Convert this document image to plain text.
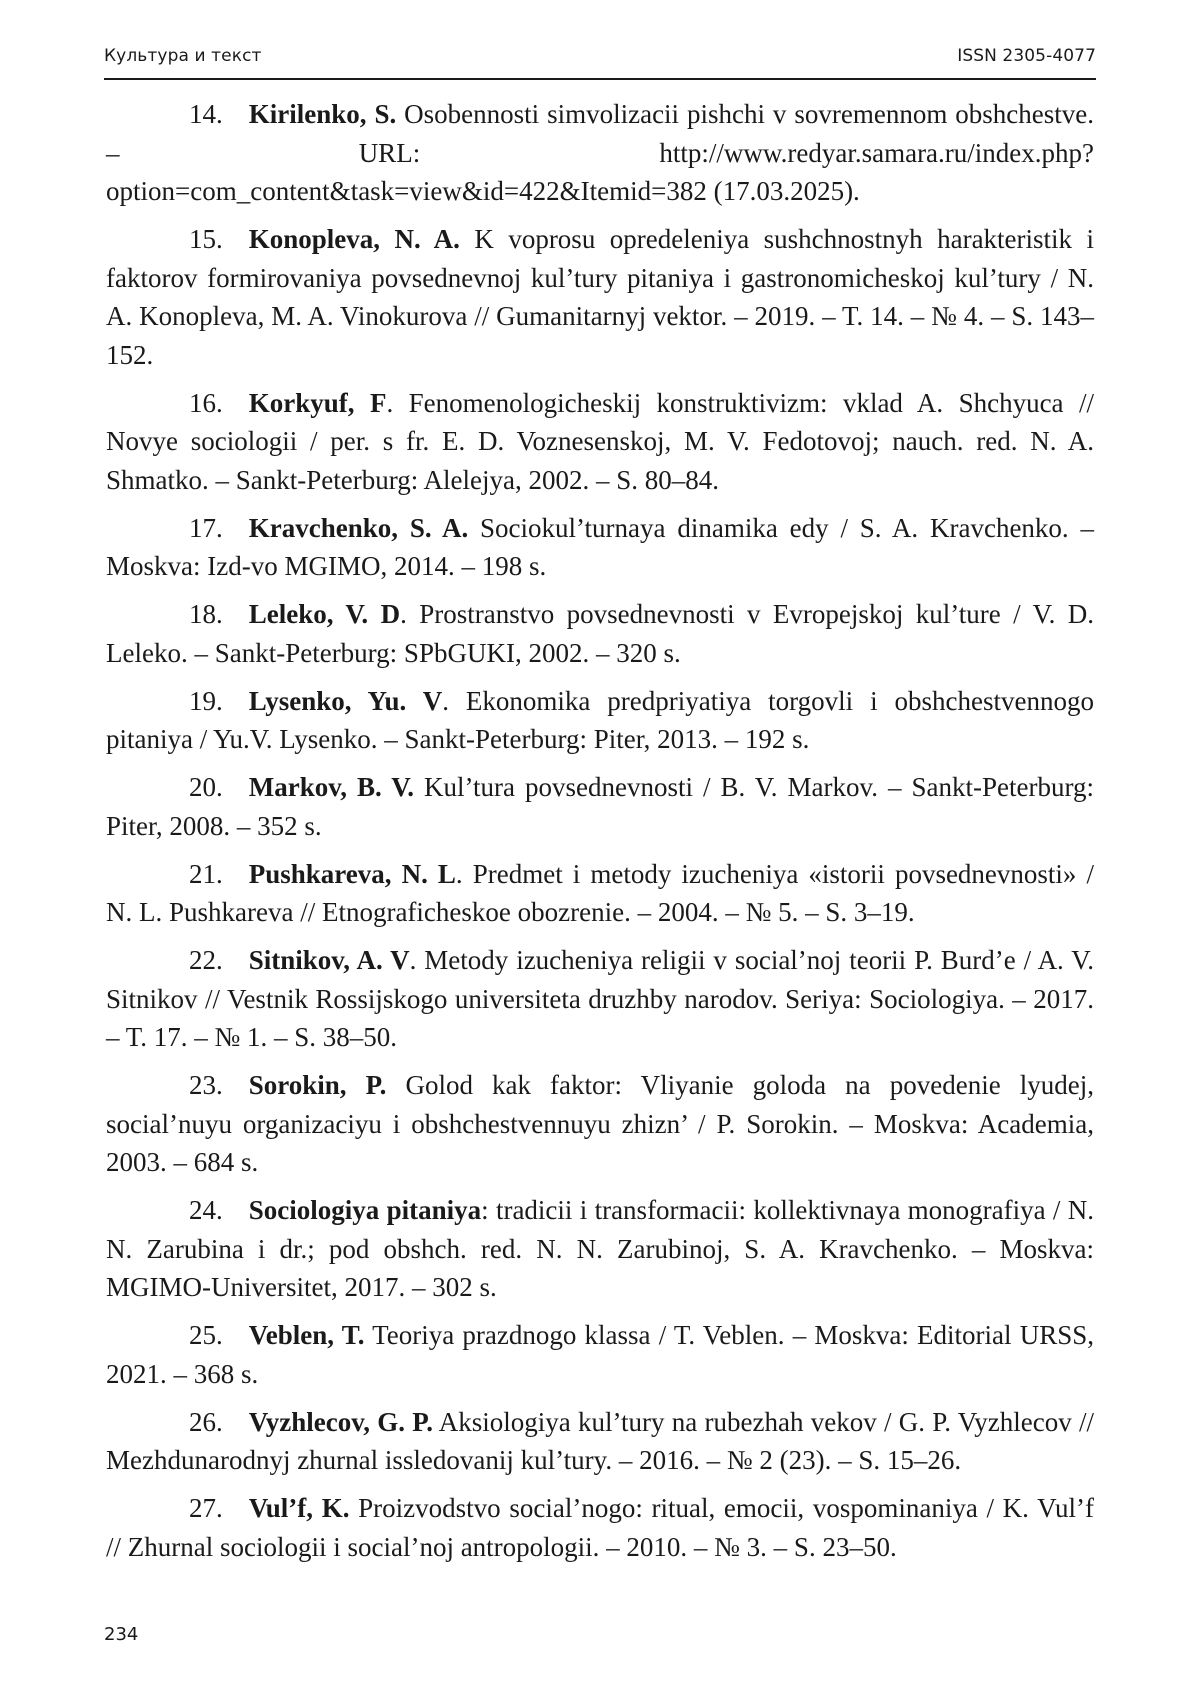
Культура и текст	ISSN 2305-4077

14. Kirilenko, S. Osobennosti simvolizacii pishchi v sovremennom obshchestve. – URL: http://www.redyar.samara.ru/index.php?option=com_content&task=view&id=422&Itemid=382 (17.03.2025).

15. Konopleva, N. A. K voprosu opredeleniya sushchnostnyh harakteristik i faktorov formirovaniya povsednevnoj kul’tury pitaniya i gastronomicheskoj kul’tury / N. A. Konopleva, M. A. Vinokurova // Gumanitarnyj vektor. – 2019. – T. 14. – № 4. – S. 143–152.

16. Korkyuf, F. Fenomenologicheskij konstruktivizm: vklad A. Shchyuca // Novye sociologii / per. s fr. E. D. Voznesenskoj, M. V. Fedotovoj; nauch. red. N. A. Shmatko. – Sankt-Peterburg: Alelejya, 2002. – S. 80–84.

17. Kravchenko, S. A. Sociokul’turnaya dinamika edy / S. A. Kravchenko. – Moskva: Izd-vo MGIMO, 2014. – 198 s.

18. Leleko, V. D. Prostranstvo povsednevnosti v Evropejskoj kul’ture / V. D. Leleko. – Sankt-Peterburg: SPbGUKI, 2002. – 320 s.

19. Lysenko, Yu. V. Ekonomika predpriyatiya torgovli i obshchestvennogo pitaniya / Yu.V. Lysenko. – Sankt-Peterburg: Piter, 2013. – 192 s.

20. Markov, B. V. Kul’tura povsednevnosti / B. V. Markov. – Sankt-Peterburg: Piter, 2008. – 352 s.

21. Pushkareva, N. L. Predmet i metody izucheniya «istorii povsednevnosti» / N. L. Pushkareva // Etnograficheskoe obozrenie. – 2004. – № 5. – S. 3–19.

22. Sitnikov, A. V. Metody izucheniya religii v social’noj teorii P. Burd’e / A. V. Sitnikov // Vestnik Rossijskogo universiteta druzhby narodov. Seriya: Sociologiya. – 2017. – T. 17. – № 1. – S. 38–50.

23. Sorokin, P. Golod kak faktor: Vliyanie goloda na povedenie lyudej, social’nuyu organizaciyu i obshchestvennuyu zhizn’ / P. Sorokin. – Moskva: Academia, 2003. – 684 s.

24. Sociologiya pitaniya: tradicii i transformacii: kollektivnaya monografiya / N. N. Zarubina i dr.; pod obshch. red. N. N. Zarubinoj, S. A. Kravchenko. – Moskva: MGIMO-Universitet, 2017. – 302 s.

25. Veblen, T. Teoriya prazdnogo klassa / T. Veblen. – Moskva: Editorial URSS, 2021. – 368 s.

26. Vyzhlecov, G. P. Aksiologiya kul’tury na rubezhah vekov / G. P. Vyzhlecov // Mezhdunarodnyj zhurnal issledovanij kul’tury. – 2016. – № 2 (23). – S. 15–26.

27. Vul’f, K. Proizvodstvo social’nogo: ritual, emocii, vospominaniya / K. Vul’f // Zhurnal sociologii i social’noj antropologii. – 2010. – № 3. – S. 23–50.

234
